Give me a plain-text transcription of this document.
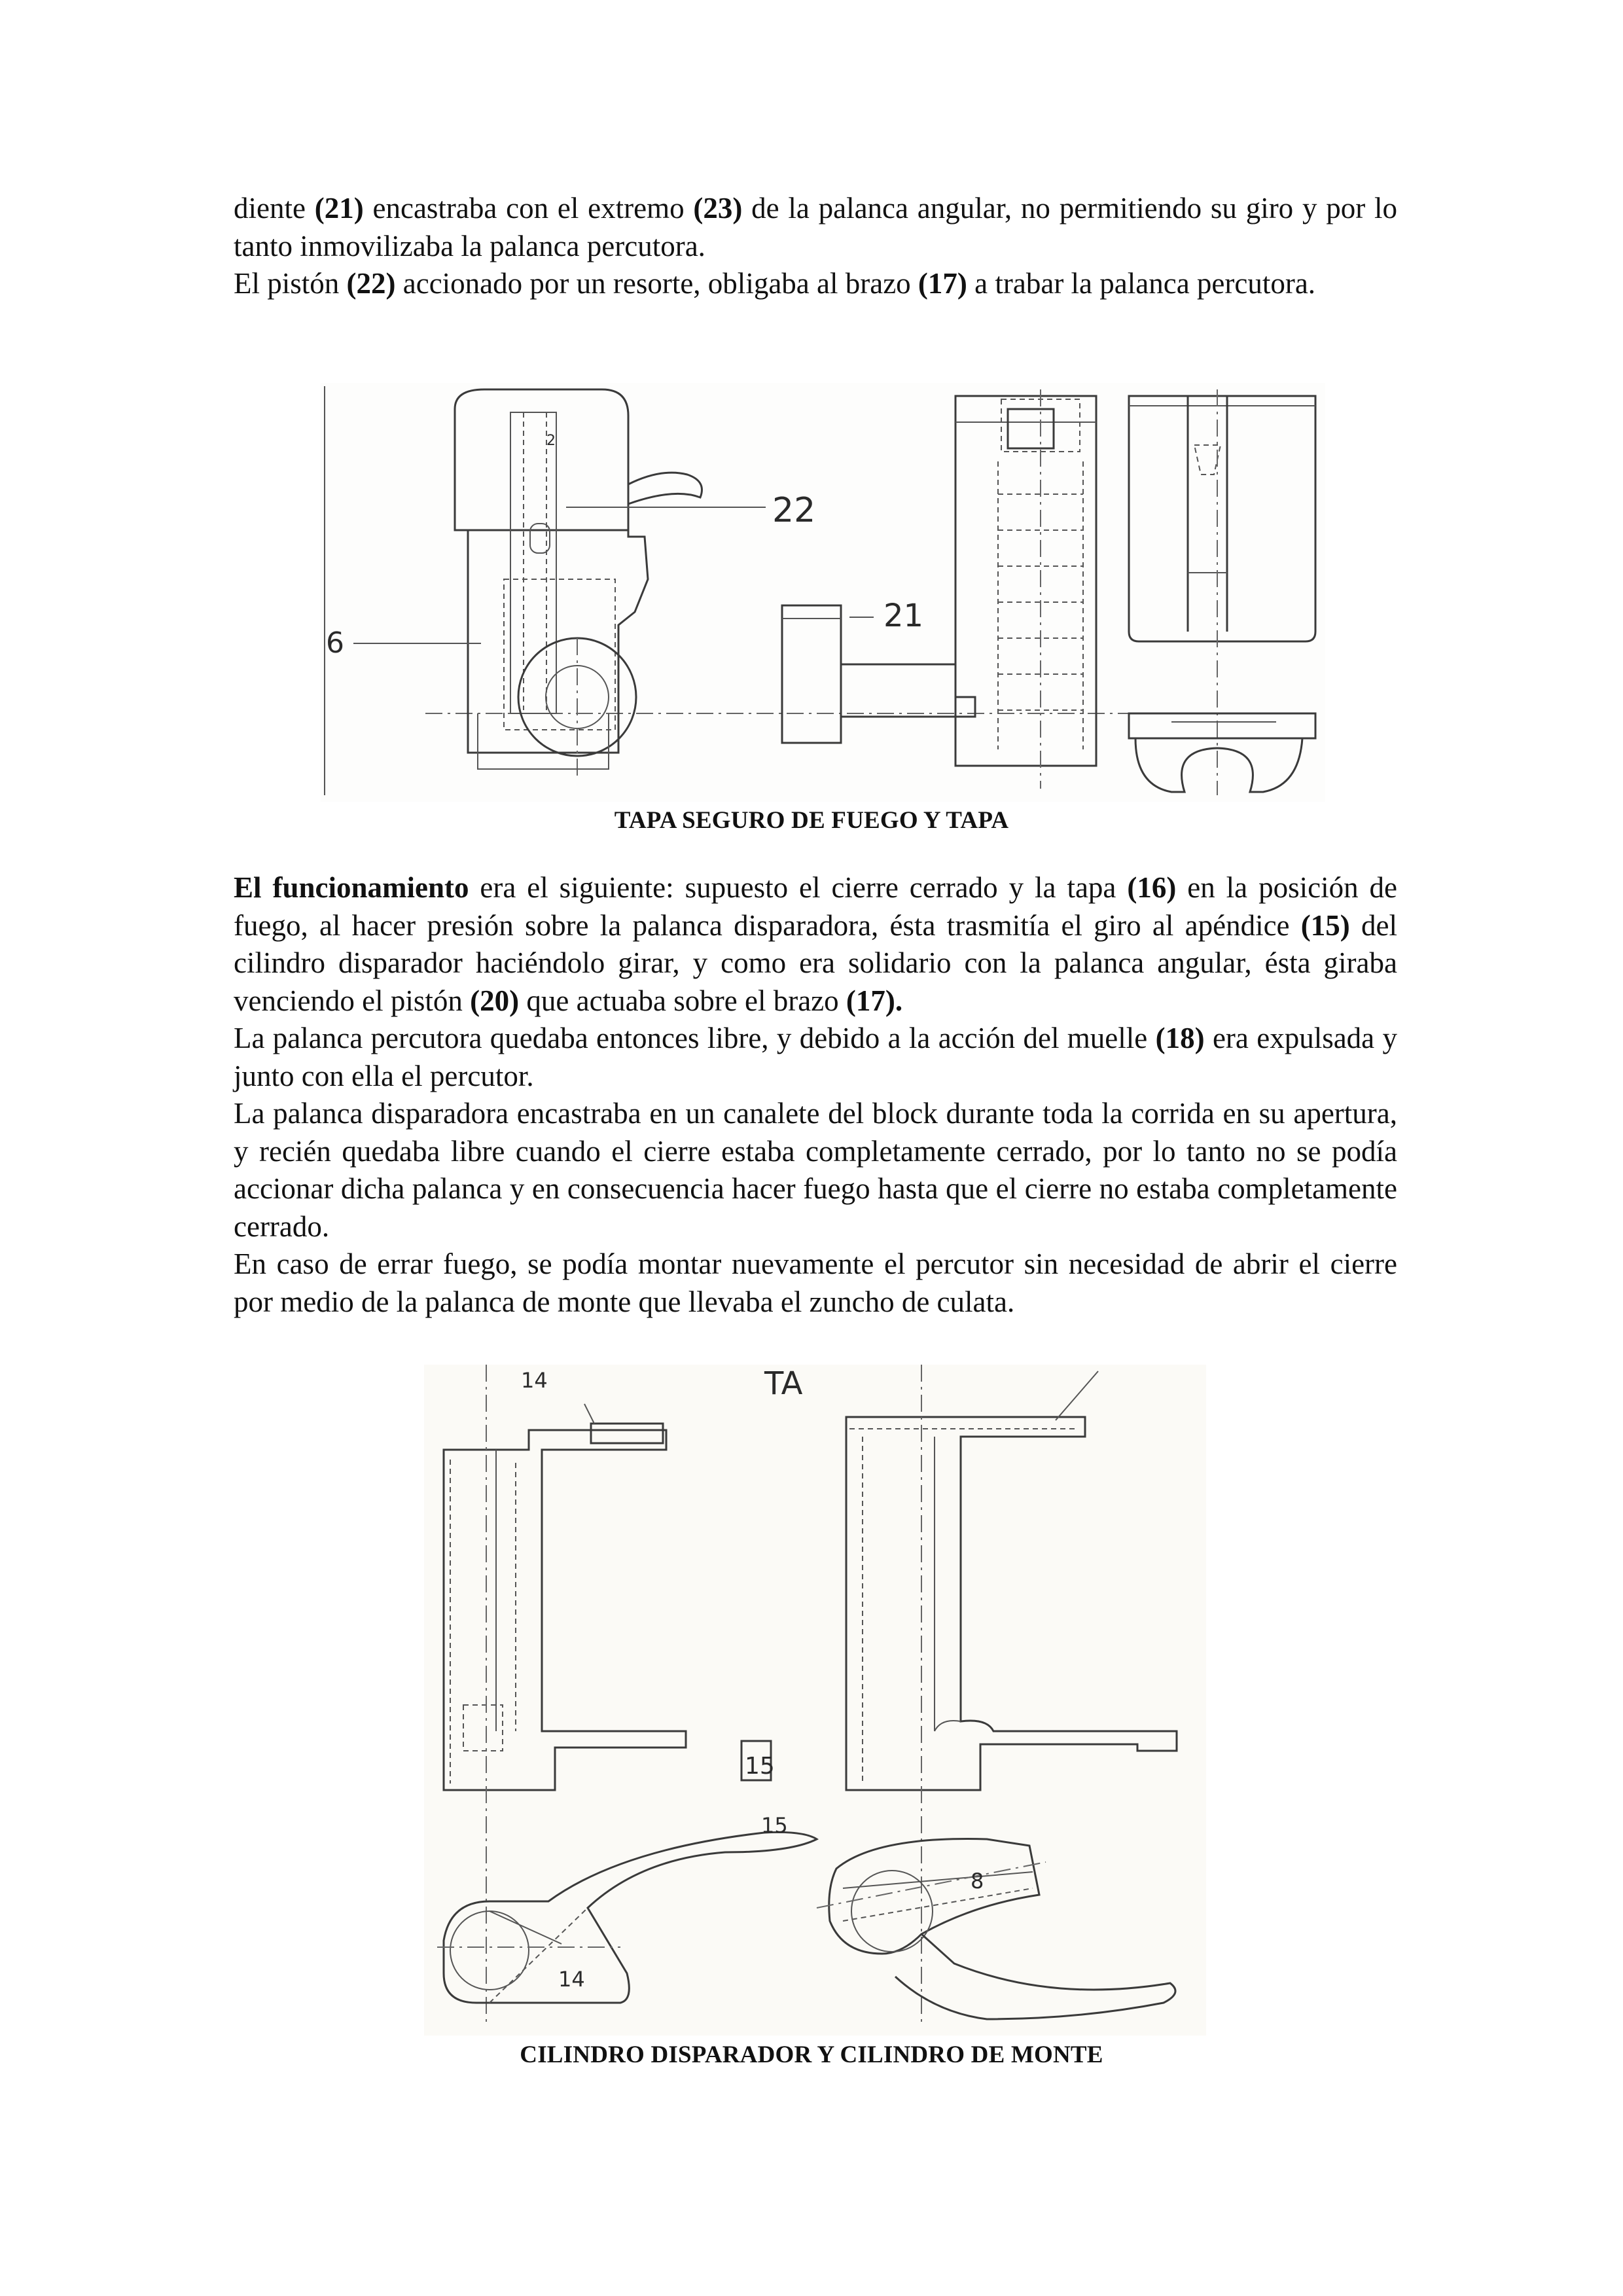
diente (21) encastraba con el extremo (23) de la palanca angular, no permitiendo su giro y por lo tanto inmovilizaba la palanca percutora.

El pistón (22) accionado por un resorte, obligaba al brazo (17) a trabar la palanca percutora.

2
22
6
21
TAPA SEGURO DE FUEGO Y TAPA

El funcionamiento era el siguiente: supuesto el cierre cerrado y la tapa (16) en la posición de fuego, al hacer presión sobre la palanca disparadora, ésta trasmitía el giro al apéndice (15) del cilindro disparador haciéndolo girar, y como era solidario con la palanca angular, ésta giraba venciendo el pistón (20) que actuaba sobre el brazo (17).

La palanca percutora quedaba entonces libre, y debido a la acción del muelle (18) era expulsada y junto con ella el percutor.

La palanca disparadora encastraba en un canalete del block durante toda la corrida en su apertura, y recién quedaba libre cuando el cierre estaba completamente cerrado, por lo tanto no se podía accionar dicha palanca y en consecuencia hacer fuego hasta que el cierre no estaba completamente cerrado.

En caso de errar fuego, se podía montar nuevamente el percutor sin necesidad de abrir el cierre por medio de la palanca de monte que llevaba el zuncho de culata.

14
15
TA
15
14
8
CILINDRO DISPARADOR Y CILINDRO DE MONTE
